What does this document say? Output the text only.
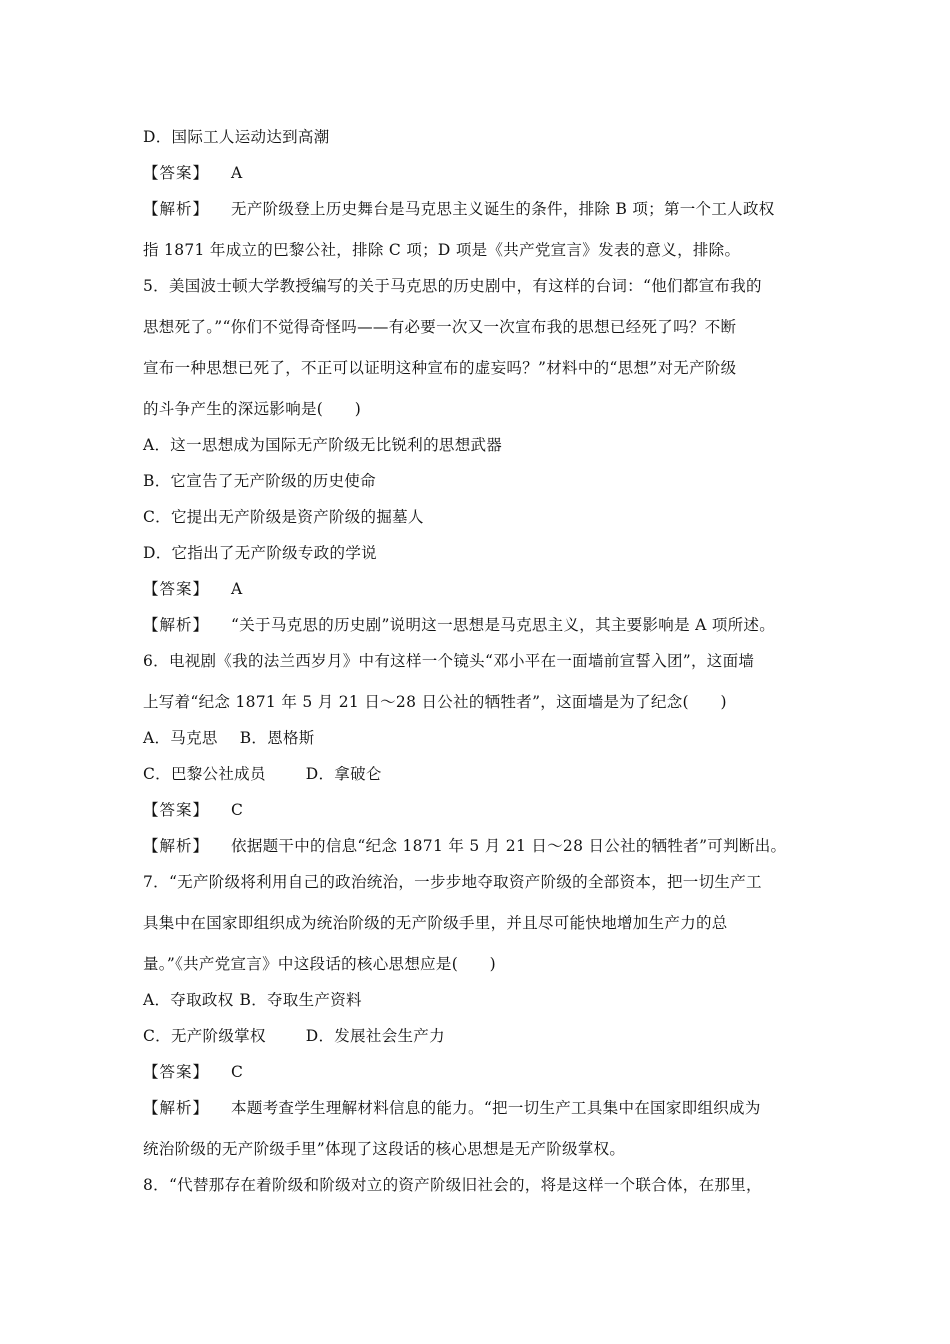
D．国际工人运动达到高潮
【答案】 A
【解析】 无产阶级登上历史舞台是马克思主义诞生的条件，排除 B 项；第一个工人政权
指 1871 年成立的巴黎公社，排除 C 项；D 项是《共产党宣言》发表的意义，排除。
5．美国波士顿大学教授编写的关于马克思的历史剧中，有这样的台词：“他们都宣布我的
思想死了。”“你们不觉得奇怪吗——有必要一次又一次宣布我的思想已经死了吗？不断
宣布一种思想已死了，不正可以证明这种宣布的虚妄吗？”材料中的“思想”对无产阶级
的斗争产生的深远影响是(　　)
A．这一思想成为国际无产阶级无比锐利的思想武器
B．它宣告了无产阶级的历史使命
C．它提出无产阶级是资产阶级的掘墓人
D．它指出了无产阶级专政的学说
【答案】 A
【解析】 “关于马克思的历史剧”说明这一思想是马克思主义，其主要影响是 A 项所述。
6．电视剧《我的法兰西岁月》中有这样一个镜头“邓小平在一面墙前宣誓入团”，这面墙
上写着“纪念 1871 年 5 月 21 日～28 日公社的牺牲者”，这面墙是为了纪念(　　)
A．马克思 B．恩格斯
C．巴黎公社成员	D．拿破仑
【答案】 C
【解析】 依据题干中的信息“纪念 1871 年 5 月 21 日～28 日公社的牺牲者”可判断出。
7．“无产阶级将利用自己的政治统治，一步步地夺取资产阶级的全部资本，把一切生产工
具集中在国家即组织成为统治阶级的无产阶级手里，并且尽可能快地增加生产力的总
量。”《共产党宣言》中这段话的核心思想应是(　　)
A．夺取政权 B．夺取生产资料
C．无产阶级掌权	D．发展社会生产力
【答案】 C
【解析】 本题考查学生理解材料信息的能力。“把一切生产工具集中在国家即组织成为
统治阶级的无产阶级手里”体现了这段话的核心思想是无产阶级掌权。
8．“代替那存在着阶级和阶级对立的资产阶级旧社会的，将是这样一个联合体，在那里，
